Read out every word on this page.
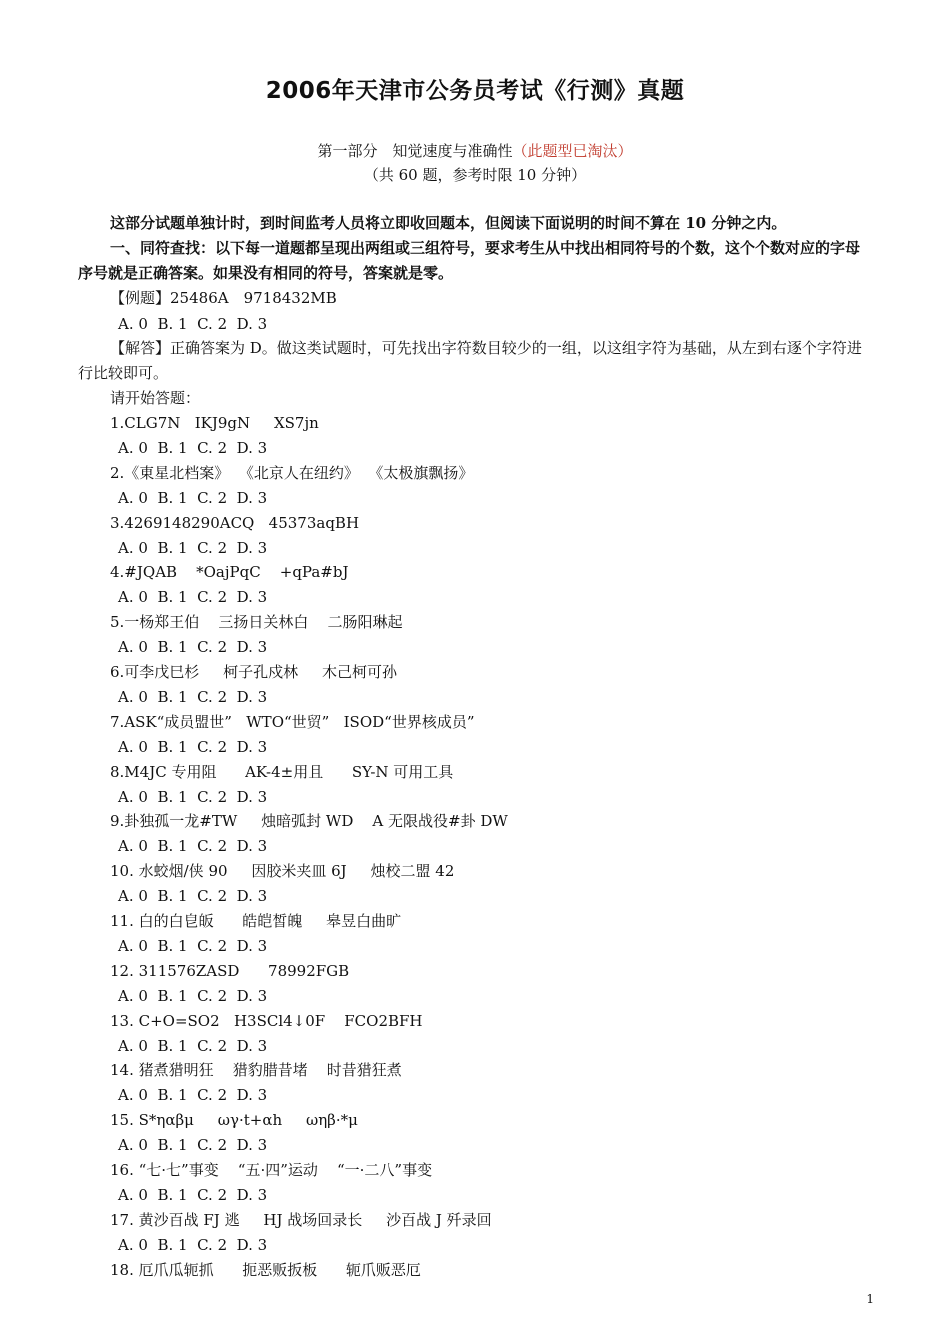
2006年天津市公务员考试《行测》真题
第一部分　知觉速度与准确性（此题型已淘汰）
（共 60 题，参考时限 10 分钟）
这部分试题单独计时，到时间监考人员将立即收回题本，但阅读下面说明的时间不算在 10 分钟之内。
一、同符查找：以下每一道题都呈现出两组或三组符号，要求考生从中找出相同符号的个数，这个个数对应的字母序号就是正确答案。如果没有相同的符号，答案就是零。
【例题】25486A　9718432MB
A. 0  B. 1  C. 2  D. 3
【解答】正确答案为 D。做这类试题时，可先找出字符数目较少的一组，以这组字符为基础，从左到右逐个字符进行比较即可。
请开始答题：
1.CLG7N   IKJ9gN     XS7jn
A. 0  B. 1  C. 2  D. 3
2.《東星北档案》  《北京人在纽约》  《太极旗飘扬》
A. 0  B. 1  C. 2  D. 3
3.4269148290ACQ   45373aqBH
A. 0  B. 1  C. 2  D. 3
4.#JQAB    *OajPqC    +qPa#bJ
A. 0  B. 1  C. 2  D. 3
5.一杨郑王伯    三扬日关林白    二肠阳琳起
A. 0  B. 1  C. 2  D. 3
6.可李戊巳杉     柯子孔戍林     木己柯可孙
A. 0  B. 1  C. 2  D. 3
7.ASK“成员盟世”   WTO“世贸”   ISOD“世界核成员”
A. 0  B. 1  C. 2  D. 3
8.M4JC 专用阻      AK-4±用且      SY-N 可用工具
A. 0  B. 1  C. 2  D. 3
9.卦独孤一龙#TW     烛暗弧封 WD    A 无限战役#卦 DW
A. 0  B. 1  C. 2  D. 3
10. 水蛟烟/侠 90     因胶米夹皿 6J     烛校二盟 42
A. 0  B. 1  C. 2  D. 3
11. 白的白皀皈      皓皑皙魄     皋昱白曲旷
A. 0  B. 1  C. 2  D. 3
12. 311576ZASD      78992FGB
A. 0  B. 1  C. 2  D. 3
13. C+O=SO2   H3SCl4↓0F    FCO2BFH
A. 0  B. 1  C. 2  D. 3
14. 猪煮猎明狂    猎豹腊昔堵    时昔猎狂煮
A. 0  B. 1  C. 2  D. 3
15. S*ηαβμ     ωγ·t+αh     ωηβ·*μ
A. 0  B. 1  C. 2  D. 3
16. “七·七”事变    “五·四”运动    “一·二八”事变
A. 0  B. 1  C. 2  D. 3
17. 黄沙百战 FJ 逃     HJ 战场回录长     沙百战 J 歼录回
A. 0  B. 1  C. 2  D. 3
18. 厄爪瓜轭抓      扼恶贩扳板      轭爪贩恶厄
1
